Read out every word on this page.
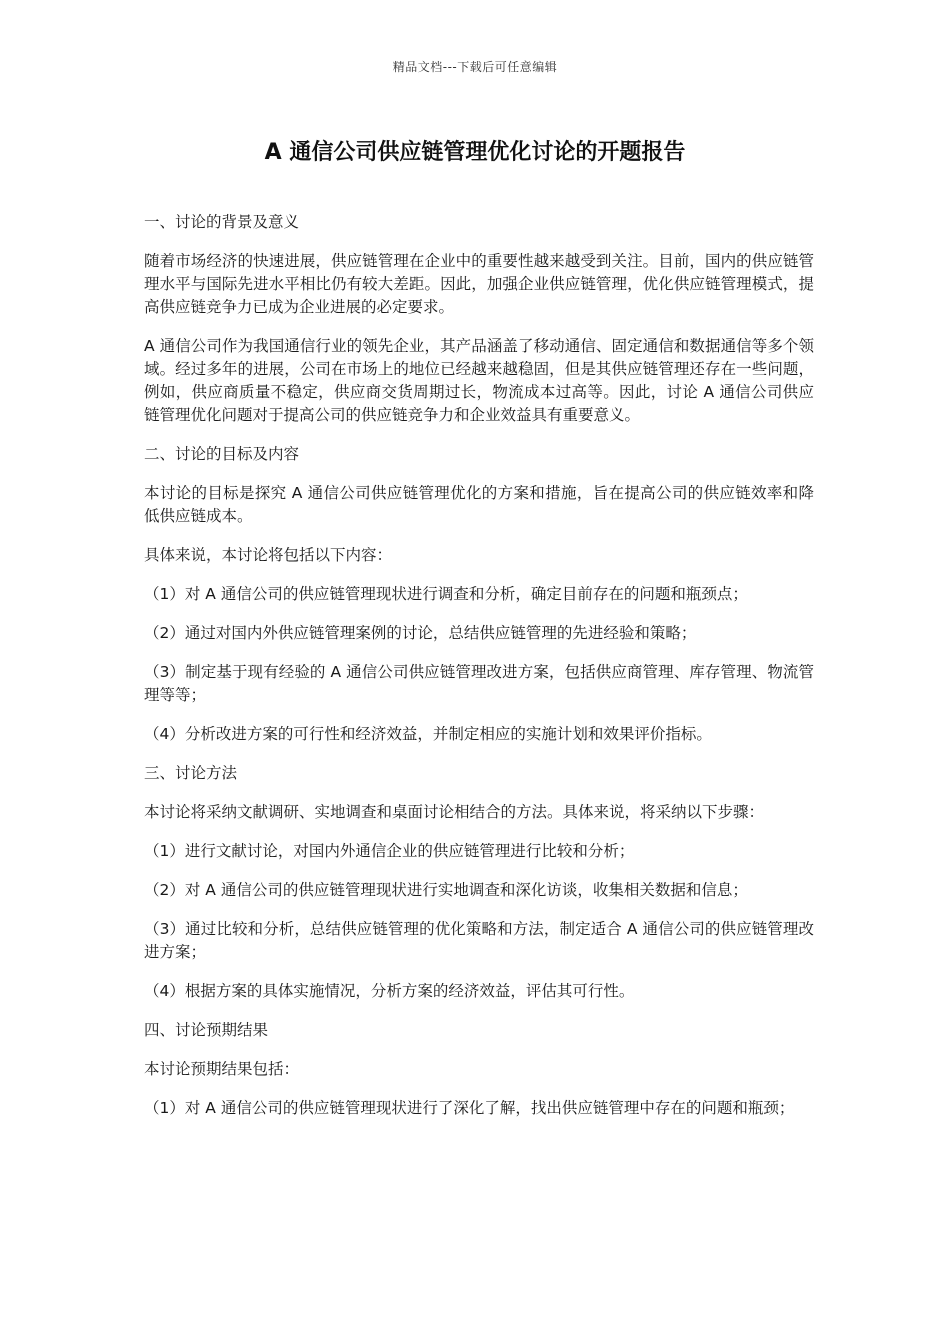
精品文档---下载后可任意编辑
A 通信公司供应链管理优化讨论的开题报告

一、讨论的背景及意义

随着市场经济的快速进展，供应链管理在企业中的重要性越来越受到关注。目前，国内的供应链管理水平与国际先进水平相比仍有较大差距。因此，加强企业供应链管理，优化供应链管理模式，提高供应链竞争力已成为企业进展的必定要求。

A 通信公司作为我国通信行业的领先企业，其产品涵盖了移动通信、固定通信和数据通信等多个领域。经过多年的进展，公司在市场上的地位已经越来越稳固，但是其供应链管理还存在一些问题，例如，供应商质量不稳定，供应商交货周期过长，物流成本过高等。因此，讨论 A 通信公司供应链管理优化问题对于提高公司的供应链竞争力和企业效益具有重要意义。

二、讨论的目标及内容

本讨论的目标是探究 A 通信公司供应链管理优化的方案和措施，旨在提高公司的供应链效率和降低供应链成本。

具体来说，本讨论将包括以下内容：

（1）对 A 通信公司的供应链管理现状进行调查和分析，确定目前存在的问题和瓶颈点；

（2）通过对国内外供应链管理案例的讨论，总结供应链管理的先进经验和策略；

（3）制定基于现有经验的 A 通信公司供应链管理改进方案，包括供应商管理、库存管理、物流管理等等；

（4）分析改进方案的可行性和经济效益，并制定相应的实施计划和效果评价指标。

三、讨论方法

本讨论将采纳文献调研、实地调查和桌面讨论相结合的方法。具体来说，将采纳以下步骤：

（1）进行文献讨论，对国内外通信企业的供应链管理进行比较和分析；

（2）对 A 通信公司的供应链管理现状进行实地调查和深化访谈，收集相关数据和信息；

（3）通过比较和分析，总结供应链管理的优化策略和方法，制定适合 A 通信公司的供应链管理改进方案；

（4）根据方案的具体实施情况，分析方案的经济效益，评估其可行性。

四、讨论预期结果

本讨论预期结果包括：

（1）对 A 通信公司的供应链管理现状进行了深化了解，找出供应链管理中存在的问题和瓶颈；
